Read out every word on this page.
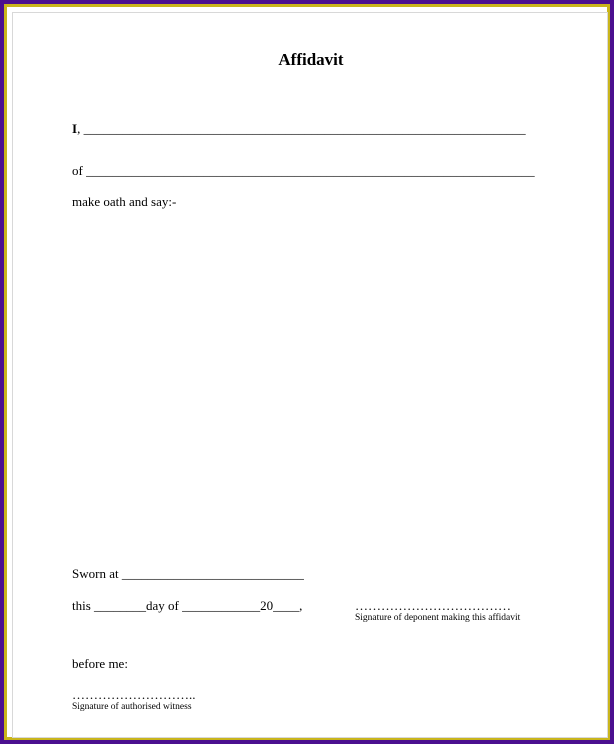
Affidavit
I, ____________________________________________________________________
of _____________________________________________________________________
make oath and say:-
Sworn at ____________________________
this ________day of ____________20____,	………………………………
Signature of deponent making this affidavit
before me:
………………………..
Signature of authorised witness
